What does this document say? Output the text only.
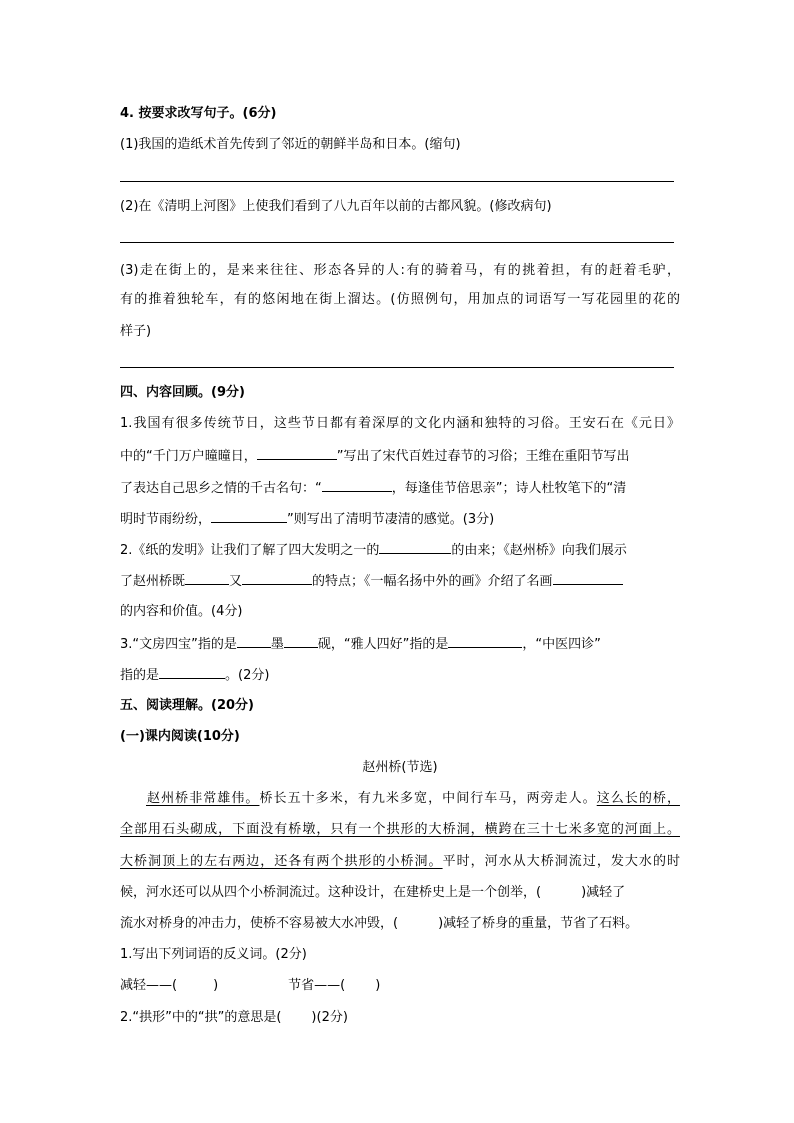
4. 按要求改写句子。(6分)
(1)我国的造纸术首先传到了邻近的朝鲜半岛和日本。(缩句)
(2)在《清明上河图》上使我们看到了八九百年以前的古都风貌。(修改病句)
(3)走在街上的，是来来往往、形态各异的人:有的骑着马，有的挑着担，有的赶着毛驴，
有的推着独轮车，有的悠闲地在街上溜达。(仿照例句，用加点的词语写一写花园里的花的
样子)
四、内容回顾。(9分)
1.我国有很多传统节日，这些节日都有着深厚的文化内涵和独特的习俗。王安石在《元日》
中的“千门万户曈曈日，	”写出了宋代百姓过春节的习俗；王维在重阳节写出
了表达自己思乡之情的千古名句：“	，每逢佳节倍思亲”；诗人杜牧笔下的“清
明时节雨纷纷，	”则写出了清明节凄清的感觉。(3分)
2.《纸的发明》让我们了解了四大发明之一的	的由来；《赵州桥》向我们展示
了赵州桥既	又	的特点；《一幅名扬中外的画》介绍了名画
的内容和价值。(4分)
3.“文房四宝”指的是	墨	砚，“雅人四好”指的是	，“中医四诊”
指的是	。(2分)
五、阅读理解。(20分)
(一)课内阅读(10分)
赵州桥(节选)
赵州桥非常雄伟。桥长五十多米，有九米多宽，中间行车马，两旁走人。这么长的桥，
全部用石头砌成，下面没有桥墩，只有一个拱形的大桥洞，横跨在三十七米多宽的河面上。
大桥洞顶上的左右两边，还各有两个拱形的小桥洞。平时，河水从大桥洞流过，发大水的时
候，河水还可以从四个小桥洞流过。这种设计，在建桥史上是一个创举，(	)减轻了
流水对桥身的冲击力，使桥不容易被大水冲毁，(	)减轻了桥身的重量，节省了石料。
1.写出下列词语的反义词。(2分)
减轻——(	)	节省——( )
2.“拱形”中的“拱”的意思是( )(2分)
